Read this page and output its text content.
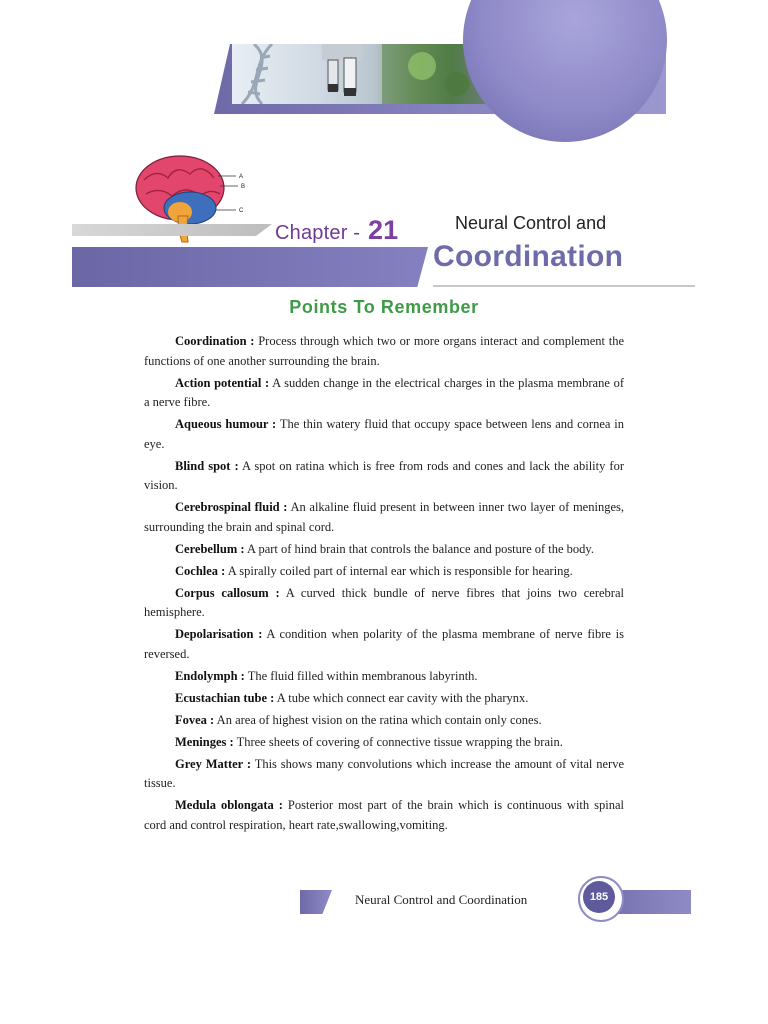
A
B
C
Chapter - 21	Neural Control and
Coordination
Points To Remember
Coordination : Process through which two or more organs interact and complement the functions of one another surrounding the brain.
Action potential : A sudden change in the electrical charges in the plasma membrane of a nerve fibre.
Aqueous humour : The thin watery fluid that occupy space between lens and cornea in eye.
Blind spot : A spot on ratina which is free from rods and cones and lack the ability for vision.
Cerebrospinal fluid : An alkaline fluid present in between inner two layer of meninges, surrounding the brain and spinal cord.
Cerebellum : A part of hind brain that controls the balance and posture of the body.
Cochlea : A spirally coiled part of internal ear which is responsible for hearing.
Corpus callosum : A curved thick bundle of nerve fibres that joins two cerebral hemisphere.
Depolarisation : A condition when polarity of the plasma membrane of nerve fibre is reversed.
Endolymph : The fluid filled within membranous labyrinth.
Ecustachian tube : A tube which connect ear cavity with the pharynx.
Fovea : An area of highest vision on the ratina which contain only cones.
Meninges : Three sheets of covering of connective tissue wrapping the brain.
Grey Matter : This shows many convolutions which increase the amount of vital nerve tissue.
Medula oblongata : Posterior most part of the brain which is continuous with spinal cord and control respiration, heart rate,swallowing,vomiting.
Neural Control and Coordination	185
